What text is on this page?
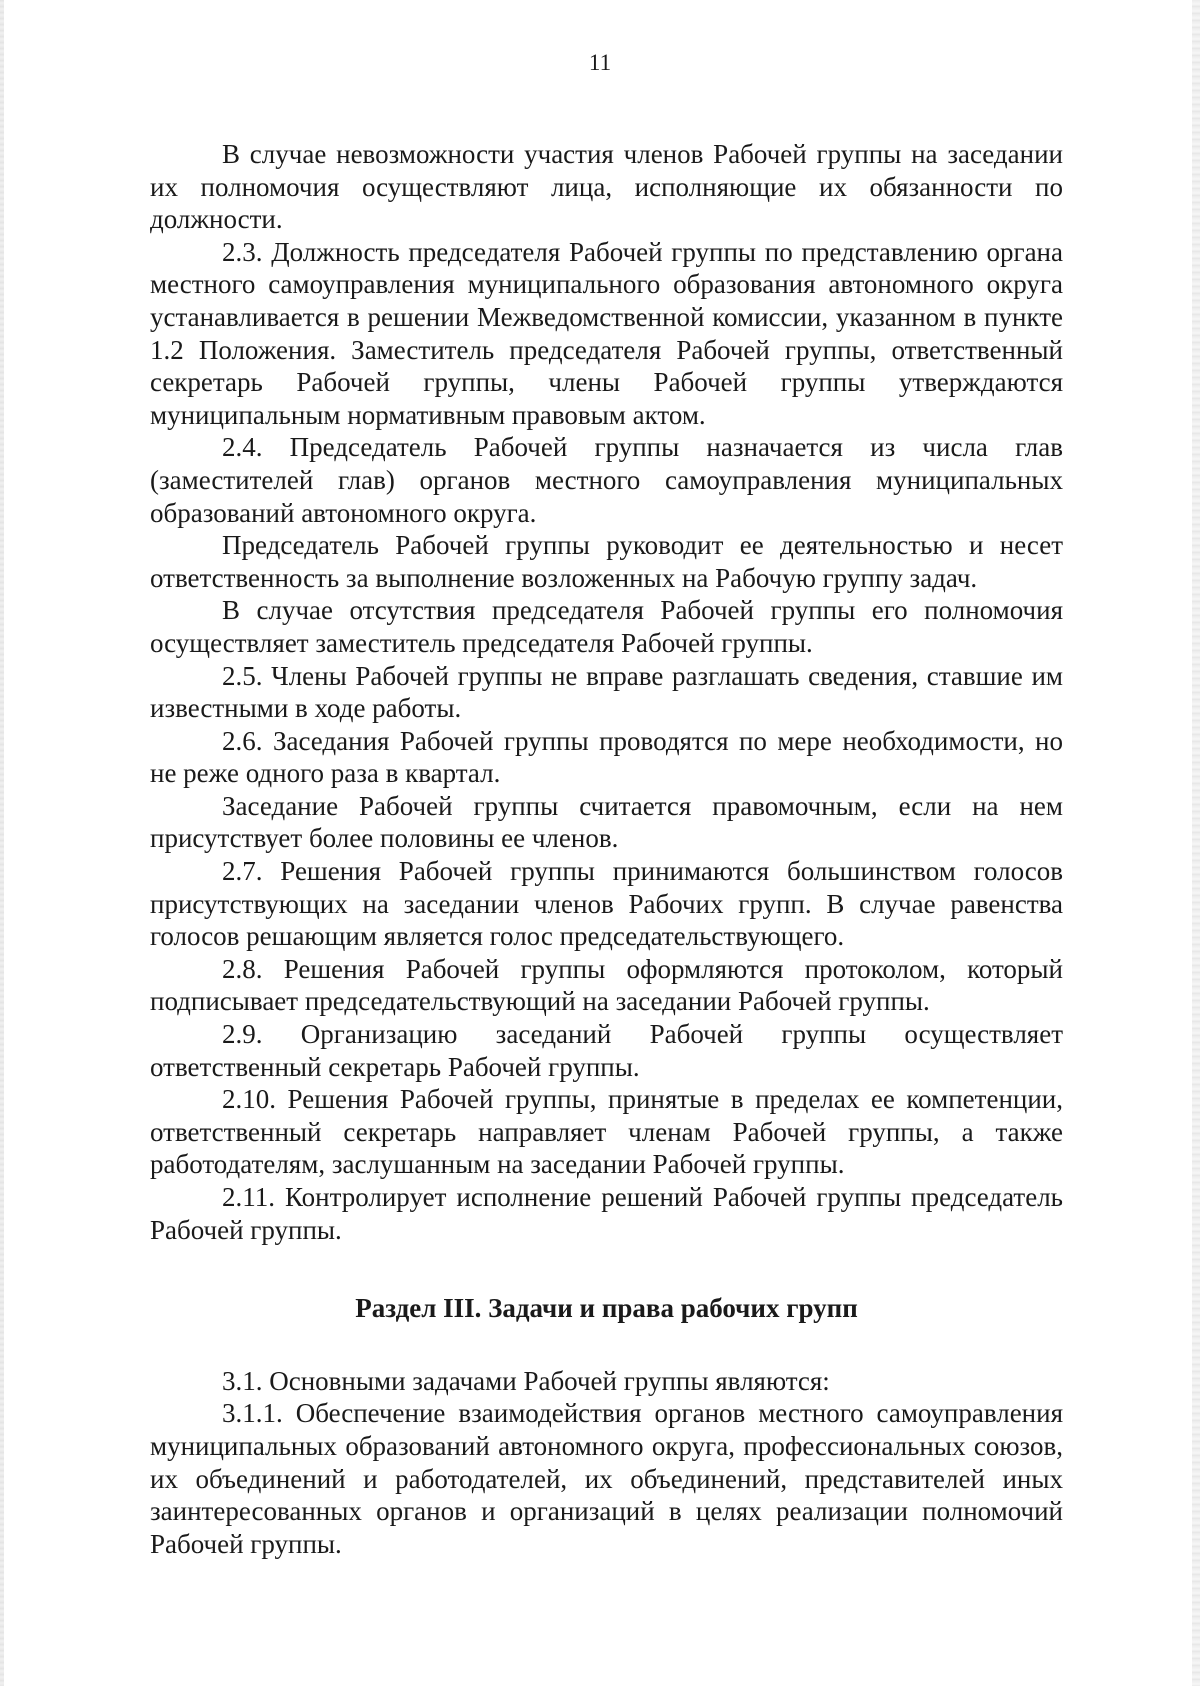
11

В случае невозможности участия членов Рабочей группы на заседании их полномочия осуществляют лица, исполняющие их обязанности по должности.

2.3. Должность председателя Рабочей группы по представлению органа местного самоуправления муниципального образования автономного округа устанавливается в решении Межведомственной комиссии, указанном в пункте 1.2 Положения. Заместитель председателя Рабочей группы, ответственный секретарь Рабочей группы, члены Рабочей группы утверждаются муниципальным нормативным правовым актом.

2.4. Председатель Рабочей группы назначается из числа глав (заместителей глав) органов местного самоуправления муниципальных образований автономного округа.

Председатель Рабочей группы руководит ее деятельностью и несет ответственность за выполнение возложенных на Рабочую группу задач.

В случае отсутствия председателя Рабочей группы его полномочия осуществляет заместитель председателя Рабочей группы.

2.5. Члены Рабочей группы не вправе разглашать сведения, ставшие им известными в ходе работы.

2.6. Заседания Рабочей группы проводятся по мере необходимости, но не реже одного раза в квартал.

Заседание Рабочей группы считается правомочным, если на нем присутствует более половины ее членов.

2.7. Решения Рабочей группы принимаются большинством голосов присутствующих на заседании членов Рабочих групп. В случае равенства голосов решающим является голос председательствующего.

2.8. Решения Рабочей группы оформляются протоколом, который подписывает председательствующий на заседании Рабочей группы.

2.9. Организацию заседаний Рабочей группы осуществляет ответственный секретарь Рабочей группы.

2.10. Решения Рабочей группы, принятые в пределах ее компетенции, ответственный секретарь направляет членам Рабочей группы, а также работодателям, заслушанным на заседании Рабочей группы.

2.11. Контролирует исполнение решений Рабочей группы председатель Рабочей группы.

Раздел III. Задачи и права рабочих групп

3.1. Основными задачами Рабочей группы являются:

3.1.1. Обеспечение взаимодействия органов местного самоуправления муниципальных образований автономного округа, профессиональных союзов, их объединений и работодателей, их объединений, представителей иных заинтересованных органов и организаций в целях реализации полномочий Рабочей группы.
